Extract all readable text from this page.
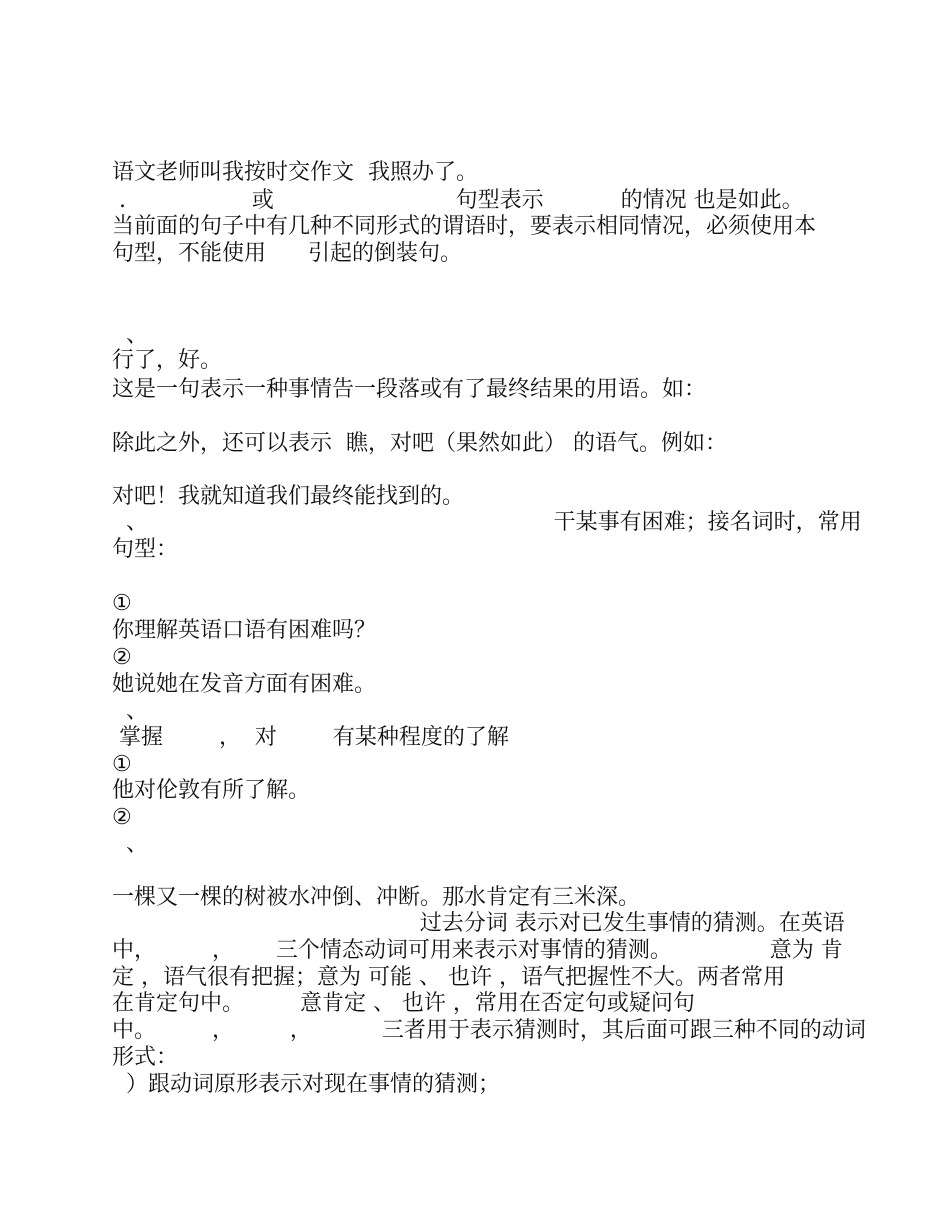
语文老师叫我按时交作文  我照办了。
.                  或                          句型表示           的情况 也是如此。
当前面的句子中有几种不同形式的谓语时，要表示相同情况，必须使用本
句型，不能使用      引起的倒装句。
、
行了，好。
这是一句表示一种事情告一段落或有了最终结果的用语。如：
除此之外，还可以表示  瞧，对吧（果然如此） 的语气。例如：
对吧！我就知道我们最终能找到的。
、                                                          干某事有困难；接名词时，常用
句型：
①
你理解英语口语有困难吗？
②
她说她在发音方面有困难。
、
掌握        ，  对        有某种程度的了解
①
他对伦敦有所了解。
②
、
一棵又一棵的树被水冲倒、冲断。那水肯定有三米深。
过去分词 表示对已发生事情的猜测。在英语
中，        ，      三个情态动词可用来表示对事情的猜测。              意为 肯
定 ，语气很有把握；意为 可能 、 也许 ，语气把握性不大。两者常用
在肯定句中。        意肯定 、 也许 ，常用在否定句或疑问句
中。        ，        ，          三者用于表示猜测时，其后面可跟三种不同的动词
形式：
）跟动词原形表示对现在事情的猜测；
